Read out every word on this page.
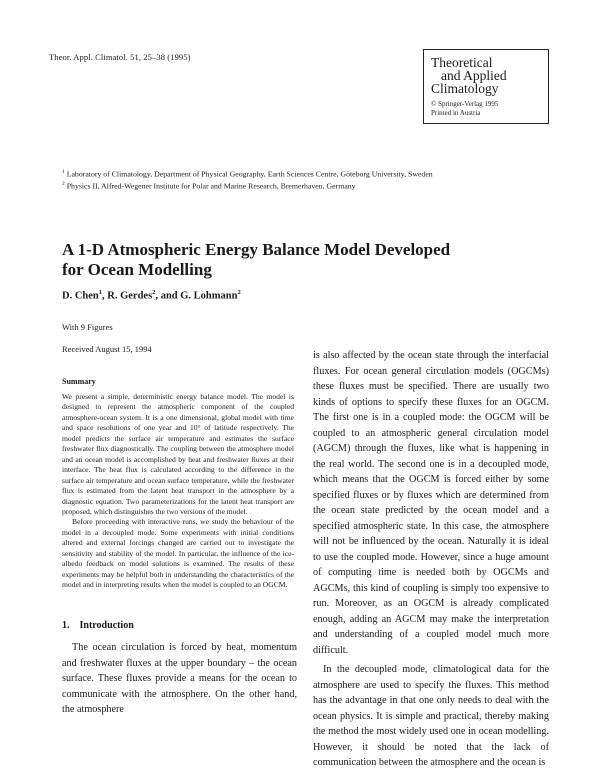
Theor. Appl. Climatol. 51, 25–38 (1995)	Theoretical
and Applied
Climatology
© Springer-Verlag 1995
Printed in Austria
$^1$ Laboratory of Climatology, Department of Physical Geography, Earth Sciences Centre, Göteborg University, Sweden
$^2$ Physics II, Alfred-Wegener Institute for Polar and Marine Research, Bremerhaven, Germany
A 1-D Atmospheric Energy Balance Model Developed
for Ocean Modelling
D. Chen$^1$, R. Gerdes$^2$, and G. Lohmann$^2$
With 9 Figures
Received August 15, 1994
Summary

We present a simple, deterministic energy balance model. The model is designed to represent the atmospheric component of the coupled atmosphere-ocean system. It is a one dimensional, global model with time and space resolutions of one year and 10° of latitude respectively. The model predicts the surface air temperature and estimates the surface freshwater flux diagnostically. The coupling between the atmosphere model and an ocean model is accomplished by heat and freshwater fluxes at their interface. The heat flux is calculated according to the difference in the surface air temperature and ocean surface temperature, while the freshwater flux is estimated from the latent heat transport in the atmosphere by a diagnostic equation. Two parameterizations for the latent heat transport are proposed, which distinguishes the two versions of the model.

Before proceeding with interactive runs, we study the behaviour of the model in a decoupled mode. Some experiments with initial conditions altered and external forcings changed are carried out to investigate the sensitivity and stability of the model. In particular, the influence of the ice-albedo feedback on model solutions is examined. The results of these experiments may be helpful both in understanding the characteristics of the model and in interpreting results when the model is coupled to an OGCM.

1. Introduction

The ocean circulation is forced by heat, momentum and freshwater fluxes at the upper boundary – the ocean surface. These fluxes provide a means for the ocean to communicate with the atmosphere. On the other hand, the atmosphere

is also affected by the ocean state through the interfacial fluxes. For ocean general circulation models (OGCMs) these fluxes must be specified. There are usually two kinds of options to specify these fluxes for an OGCM. The first one is in a coupled mode: the OGCM will be coupled to an atmospheric general circulation model (AGCM) through the fluxes, like what is happening in the real world. The second one is in a decoupled mode, which means that the OGCM is forced either by some specified fluxes or by fluxes which are determined from the ocean state predicted by the ocean model and a specified atmospheric state. In this case, the atmosphere will not be influenced by the ocean. Naturally it is ideal to use the coupled mode. However, since a huge amount of computing time is needed both by OGCMs and AGCMs, this kind of coupling is simply too expensive to run. Moreover, as an OGCM is already complicated enough, adding an AGCM may make the interpretation and understanding of a coupled model much more difficult.

In the decoupled mode, climatological data for the atmosphere are used to specify the fluxes. This method has the advantage in that one only needs to deal with the ocean physics. It is simple and practical, thereby making the method the most widely used one in ocean modelling. However, it should be noted that the lack of communication between the atmosphere and the ocean is
